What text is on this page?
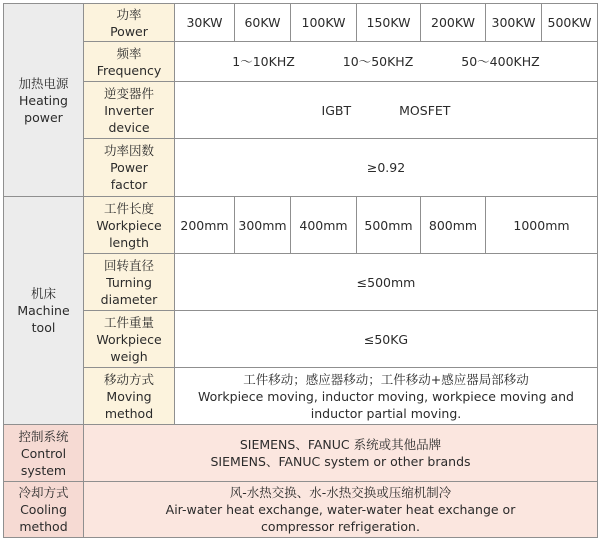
加热电源
Heating
power	功率
Power	30KW	60KW	100KW	150KW	200KW	300KW	500KW

	频率
Frequency	1～10KHZ 10～50KHZ 50～400KHZ						

	逆变器件
Inverter
device	IGBT MOSFET						

	功率因数
Power
factor	≥0.92						

机床
Machine
tool	工件长度
Workpiece
length	200mm	300mm	400mm	500mm	800mm	1000mm	

	回转直径
Turning
diameter	≤500mm						

	工件重量
Workpiece
weigh	≤50KG						

	移动方式
Moving
method	工件移动；感应器移动；工件移动+感应器局部移动
Workpiece moving, inductor moving, workpiece moving and inductor partial moving.						

控制系统
Control
system	SIEMENS、FANUC 系统或其他品牌
SIEMENS、FANUC system or other brands							

冷却方式
Cooling
method	风-水热交换、水-水热交换或压缩机制冷
Air-water heat exchange, water-water heat exchange or compressor refrigeration.							
